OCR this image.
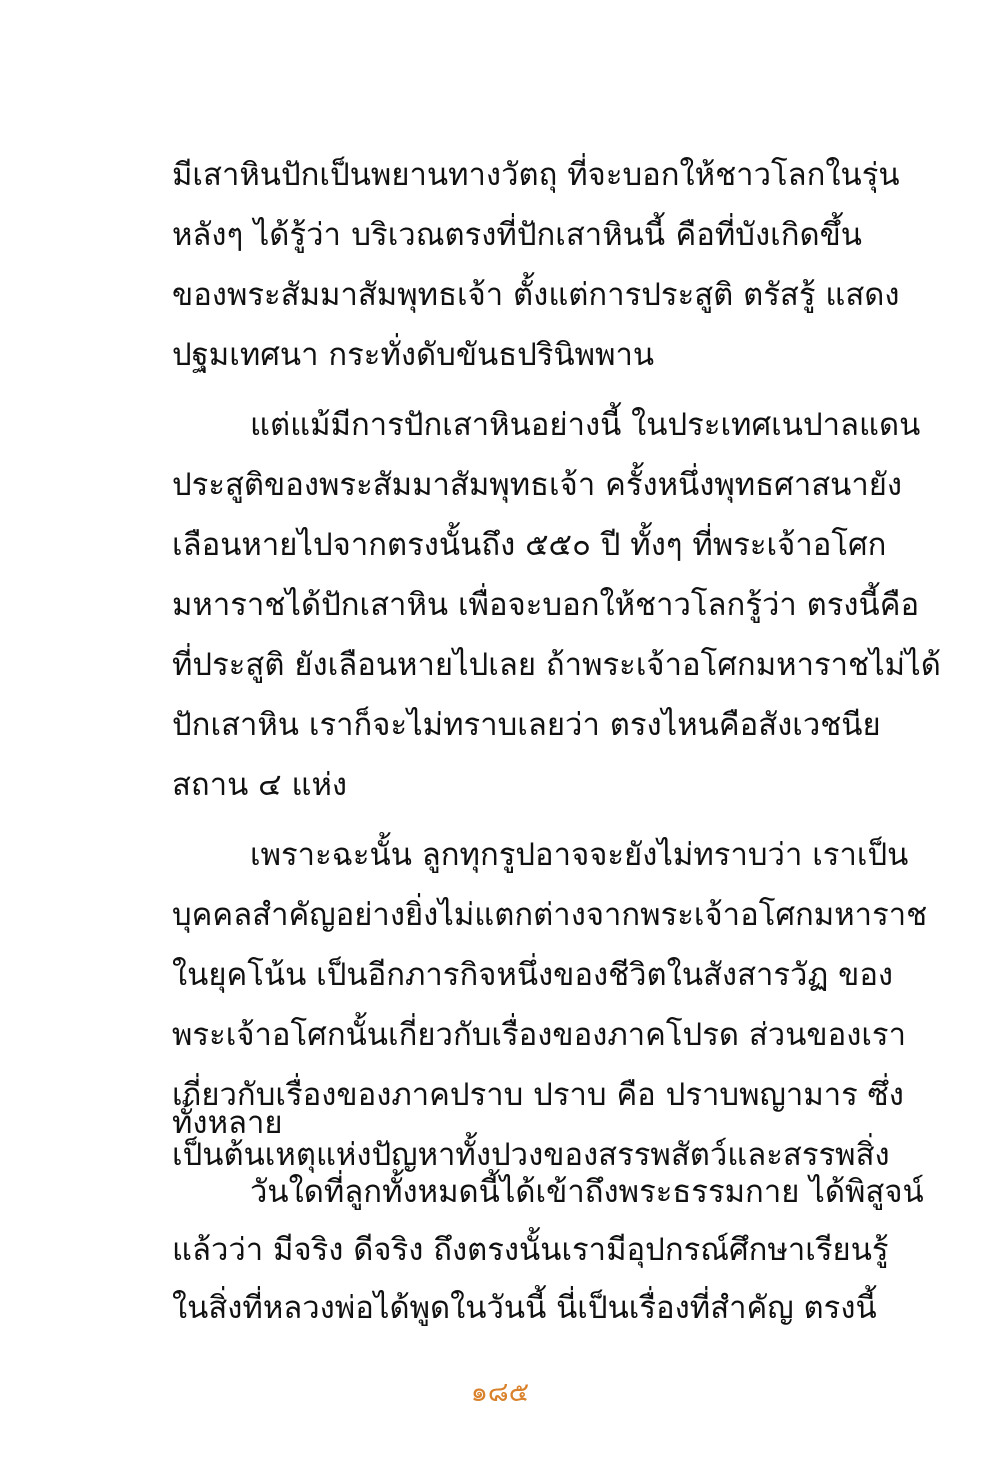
มีเสาหินปักเป็นพยานทางวัตถุ ที่จะบอกให้ชาวโลกในรุ่น
หลังๆ ได้รู้ว่า บริเวณตรงที่ปักเสาหินนี้ คือที่บังเกิดขึ้น
ของพระสัมมาสัมพุทธเจ้า ตั้งแต่การประสูติ ตรัสรู้ แสดง
ปฐมเทศนา กระทั่งดับขันธปรินิพพาน
แต่แม้มีการปักเสาหินอย่างนี้ ในประเทศเนปาลแดน
ประสูติของพระสัมมาสัมพุทธเจ้า ครั้งหนึ่งพุทธศาสนายัง
เลือนหายไปจากตรงนั้นถึง ๕๕๐ ปี ทั้งๆ ที่พระเจ้าอโศก
มหาราชได้ปักเสาหิน เพื่อจะบอกให้ชาวโลกรู้ว่า ตรงนี้คือ
ที่ประสูติ ยังเลือนหายไปเลย ถ้าพระเจ้าอโศกมหาราชไม่ได้
ปักเสาหิน เราก็จะไม่ทราบเลยว่า ตรงไหนคือสังเวชนีย
สถาน ๔ แห่ง
เพราะฉะนั้น ลูกทุกรูปอาจจะยังไม่ทราบว่า เราเป็น
บุคคลสำคัญอย่างยิ่งไม่แตกต่างจากพระเจ้าอโศกมหาราช
ในยุคโน้น เป็นอีกภารกิจหนึ่งของชีวิตในสังสารวัฏ ของ
พระเจ้าอโศกนั้นเกี่ยวกับเรื่องของภาคโปรด ส่วนของเรา
เกี่ยวกับเรื่องของภาคปราบ ปราบ คือ ปราบพญามาร ซึ่ง
เป็นต้นเหตุแห่งปัญหาทั้งปวงของสรรพสัตว์และสรรพสิ่ง
ทั้งหลาย
วันใดที่ลูกทั้งหมดนี้ได้เข้าถึงพระธรรมกาย ได้พิสูจน์
แล้วว่า มีจริง ดีจริง ถึงตรงนั้นเรามีอุปกรณ์ศึกษาเรียนรู้
ในสิ่งที่หลวงพ่อได้พูดในวันนี้ นี่เป็นเรื่องที่สำคัญ ตรงนี้
๑๘๕
